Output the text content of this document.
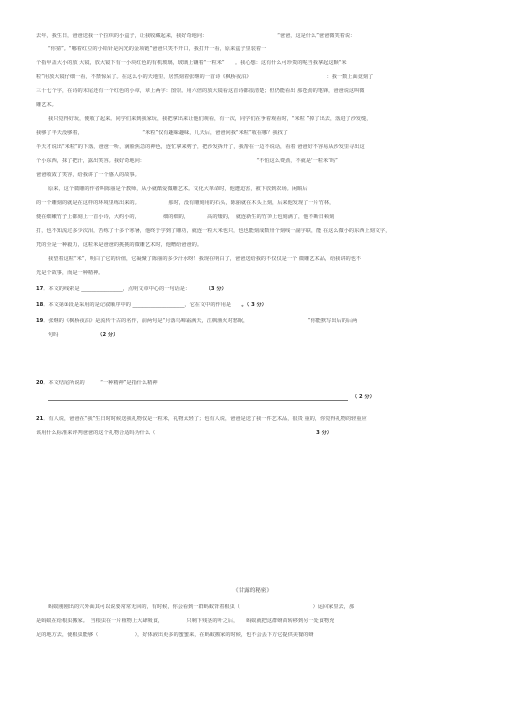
去年，我生日，爸爸送我一个拉织的小盒子，让我收藏起来，我好奇地问：　　　　　　　　　　　　　　“爸爸，这是什么”爸爸微笑着说：
“你猜”。“哪着红豆的小铅针是闪光的金项链”爸爸只笑不开口，我打开一看，原来盒子里装着一
个指甲盖大小的放 大镜，放大镜下有一小块红色的有机玻璃，玻璃上镶着“一粒米”　　。我心想：这有什么可珍贵的呢当我拿起这颗“米
粒”用放大镜仔细一看，不禁惊呆了。在这么小的天地里，居然刻着张继的一首诗《枫桥夜泊》　　　　　　　　　　　　　　　：我一数上面竟刻了
三十七个字，在诗的末尾还有一个红色的小章，章上两字：图崇。用六倍的放大镜看这首诗都很清楚；但仍能看出 那苍劲的笔锋，爸爸说这叫微
雕艺术。
我只觉得好玩，便收了起来。同学们来到我家玩，我把拿出来让他们观看，有一次，同学们在争着观看时，“米粒 ”掉了出去，落进了沙发缝，
我够了半天没够着，　　　　　　　　　　　　“米粒”仅有趣味趣味，几天后，爸爸问我“米粒”收在哪？我找了
半天才说出“米粒”的下落，爸爸一听，满脸焦急的神色，连忙拿来剪子，把沙发拆开了，我帮在一边不说话，看着 爸爸好不容易从沙发里寻出这
个小东西，抹了把汗，露出笑容。我好奇地问：　　　　　　　　　　　　　　　　　　　　　　“不怕这么费劲，不就是‘一粒米’吗”
爸爸收敛了笑容，给我讲了一个感人的故事。
原来，这个微雕的作者叫陈丽是个教师，从小就酷爱微雕艺术。文化大革命时，他遭迫害，被下放到农场。闲暇后
的一个雕刻的就是在这样的环境里练出来的。　　　　　　那时，没有雕刻用的石头，陈丽就在木头上刻，后来他发现了一片竹林，
便在细嫩竹子上都刻上一首小诗，大约小的，　　　　　细的细的，　　　　高的矮的，　就连新生的竹笋上也刻满了，他不断日顿刻
打，也不知流过多少次泪，苦练了十多个寒暑，他终于学到了雕功，就连一粒大米也只，也也能刻成数卅个刻线一副字联，能 在这么微小的东西上刻文字，
凭的全是一种毅力，这粒米是爸爸的挑挑的微雕艺术时，他赠给爸爸的。
我望着这粒“米”，明白了它的价值，它凝聚了陈丽的多少汗水呀！我现在明白了，爸爸送给我的不仅仅是一个 微雕艺术品，给我讲的也不
光是个故事，而是一种精神。
17．本文的线索是 ________________，点明文章中心的一句话是：　　　　	（3 分）
18．本文第③段是采用的是记叙顺序中的 ____________________，它在文中的作用是　　 。（ 3 分）
19．张继的《枫桥夜泊》是流传千古的名作，前两句是“月落乌啼霜满天，江枫渔火对愁眠，　　　　　　　　　　　　	”你能默写出后的后两
句吗　　　　　　　　	（2 分）
20．本文结尾所说的　　　“一种精神”是指什么精神
（ 2 分）
21．有人说，爸爸在“我”生日时时候送我礼物仅是一粒米，礼物太轻了；也有人说，爸爸是送了我一件艺术品，很贵 重的，你觉得礼物的轻重应
该用什么标准来评判爸爸的这个礼物合适吗为什么（　　　　　　　　　　　　　　　　　　　　　　　　　　　　　　　	3 分）
《甘露的秘密》
蚂蚁刚刚出的穴外面其可以说要常常无回的，有时候，你会看到一群蚂蚁背着根虫（　　　　　　　　　　　　　　）运回家里去，那
是蚂蚁在给根虫搬家。　当根虫在一片植物上大肆吸食，　　　　　只剩下残茎的叶之后，　　蚂蚁就把这群蚜苗转移到另一处食物充
足的地方去，使根虫能够（　　　　　　　），好体液出更多的蜜蜜来，在蚂蚁搬家的时候，也不会丢下方它提供美餐的蚜
